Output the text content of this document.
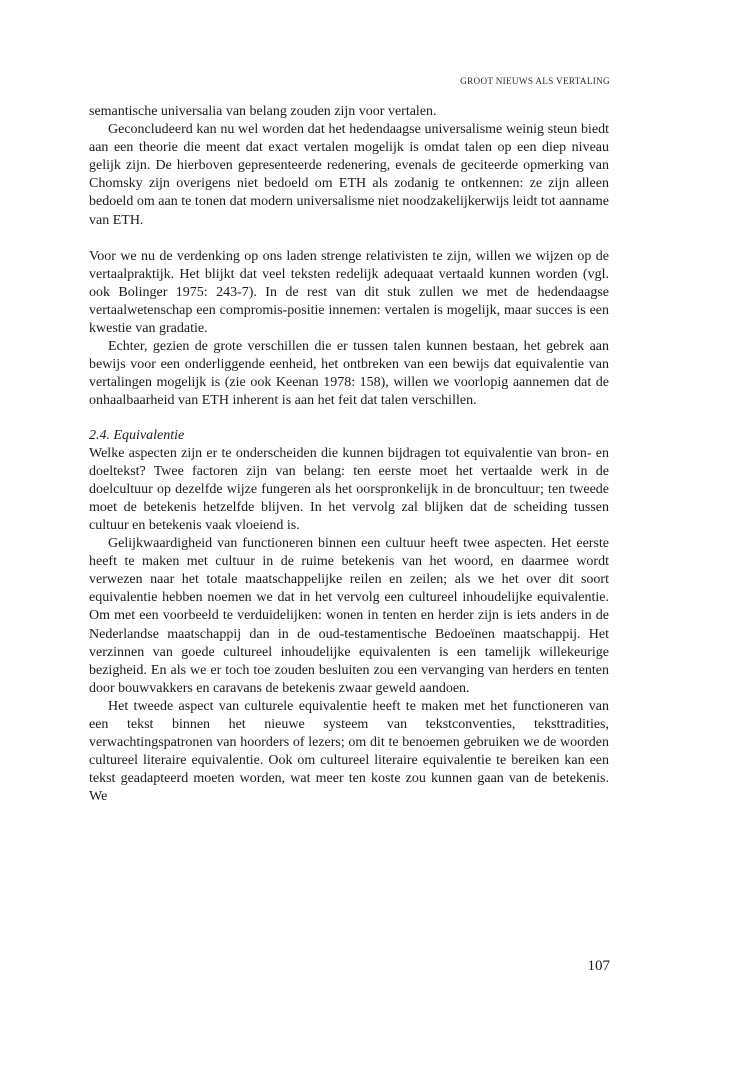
GROOT NIEUWS ALS VERTALING

semantische universalia van belang zouden zijn voor vertalen.

Geconcludeerd kan nu wel worden dat het hedendaagse universalisme weinig steun biedt aan een theorie die meent dat exact vertalen mogelijk is omdat talen op een diep niveau gelijk zijn. De hierboven gepresenteerde redenering, evenals de geciteerde opmerking van Chomsky zijn overigens niet bedoeld om ETH als zodanig te ontkennen: ze zijn alleen bedoeld om aan te tonen dat modern universalisme niet noodzakelijkerwijs leidt tot aanname van ETH.

Voor we nu de verdenking op ons laden strenge relativisten te zijn, willen we wijzen op de vertaalpraktijk. Het blijkt dat veel teksten redelijk adequaat vertaald kunnen worden (vgl. ook Bolinger 1975: 243-7). In de rest van dit stuk zullen we met de hedendaagse vertaalwetenschap een compromis-positie innemen: vertalen is mogelijk, maar succes is een kwestie van gradatie.

Echter, gezien de grote verschillen die er tussen talen kunnen bestaan, het gebrek aan bewijs voor een onderliggende eenheid, het ontbreken van een bewijs dat equivalentie van vertalingen mogelijk is (zie ook Keenan 1978: 158), willen we voorlopig aannemen dat de onhaalbaarheid van ETH inherent is aan het feit dat talen verschillen.

2.4. Equivalentie

Welke aspecten zijn er te onderscheiden die kunnen bijdragen tot equivalentie van bron- en doeltekst? Twee factoren zijn van belang: ten eerste moet het vertaalde werk in de doelcultuur op dezelfde wijze fungeren als het oorspronkelijk in de broncultuur; ten tweede moet de betekenis hetzelfde blijven. In het vervolg zal blijken dat de scheiding tussen cultuur en betekenis vaak vloeiend is.

Gelijkwaardigheid van functioneren binnen een cultuur heeft twee aspecten. Het eerste heeft te maken met cultuur in de ruime betekenis van het woord, en daarmee wordt verwezen naar het totale maatschappelijke reilen en zeilen; als we het over dit soort equivalentie hebben noemen we dat in het vervolg een cultureel inhoudelijke equivalentie. Om met een voorbeeld te verduidelijken: wonen in tenten en herder zijn is iets anders in de Nederlandse maatschappij dan in de oud-testamentische Bedoeïnen maatschappij. Het verzinnen van goede cultureel inhoudelijke equivalenten is een tamelijk willekeurige bezigheid. En als we er toch toe zouden besluiten zou een vervanging van herders en tenten door bouwvakkers en caravans de betekenis zwaar geweld aandoen.

Het tweede aspect van culturele equivalentie heeft te maken met het functioneren van een tekst binnen het nieuwe systeem van tekstconventies, teksttradities, verwachtingspatronen van hoorders of lezers; om dit te benoemen gebruiken we de woorden cultureel literaire equivalentie. Ook om cultureel literaire equivalentie te bereiken kan een tekst geadapteerd moeten worden, wat meer ten koste zou kunnen gaan van de betekenis. We

107
